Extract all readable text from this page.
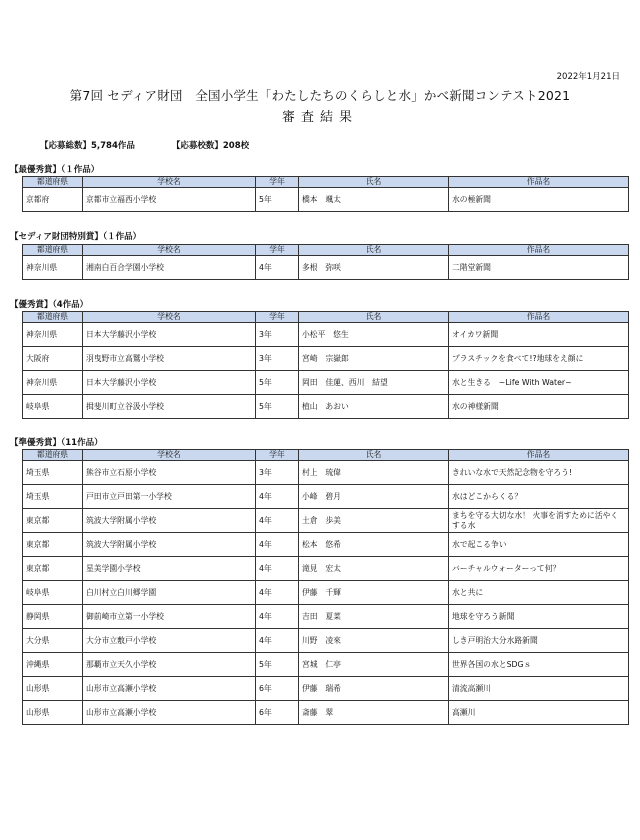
2022年1月21日
第7回 セディア財団　全国小学生「わたしたちのくらしと水」かべ新聞コンテスト2021
審査結果
【応募総数】5,784作品	【応募校数】208校
【最優秀賞】（１作品）
都道府県	学校名	学年	氏名	作品名
京都府	京都市立福西小学校	5年	橋本　颯太	水の極新聞
【セディア財団特別賞】（１作品）
都道府県	学校名	学年	氏名	作品名
神奈川県	湘南白百合学園小学校	4年	多根　弥咲	二階堂新聞
【優秀賞】（4作品）
都道府県	学校名	学年	氏名	作品名
神奈川県	日本大学藤沢小学校	3年	小松平　悠生	オイカワ新聞
大阪府	羽曳野市立高鷲小学校	3年	宮崎　宗嶽郎	プラスチックを食べて!?地球をえ顔に
神奈川県	日本大学藤沢小学校	5年	岡田　佳蓮、西川　結望	水と生きる　~Life With Water~
岐阜県	揖斐川町立谷汲小学校	5年	植山　あおい	水の神様新聞
【準優秀賞】（11作品）
都道府県	学校名	学年	氏名	作品名
埼玉県	熊谷市立石原小学校	3年	村上　琉偉	きれいな水で天然記念物を守ろう!
埼玉県	戸田市立戸田第一小学校	4年	小峰　碧月	水はどこからくる？
東京都	筑波大学附属小学校	4年	土倉　歩美	まちを守る大切な水！ 火事を消すために活やくする水
東京都	筑波大学附属小学校	4年	松本　悠希	水で起こる争い
東京都	星美学園小学校	4年	滝見　宏太	バーチャルウォーターって何？
岐阜県	白川村立白川郷学園	4年	伊藤　千輝	水と共に
静岡県	御前崎市立第一小学校	4年	吉田　夏菜	地球を守ろう新聞
大分県	大分市立敷戸小学校	4年	川野　凌來	しき戸明治大分水路新聞
沖縄県	那覇市立天久小学校	5年	宮城　仁亭	世界各国の水とSDGｓ
山形県	山形市立高瀬小学校	6年	伊藤　瑞希	清流高瀬川
山形県	山形市立高瀬小学校	6年	斎藤　翠	高瀬川
